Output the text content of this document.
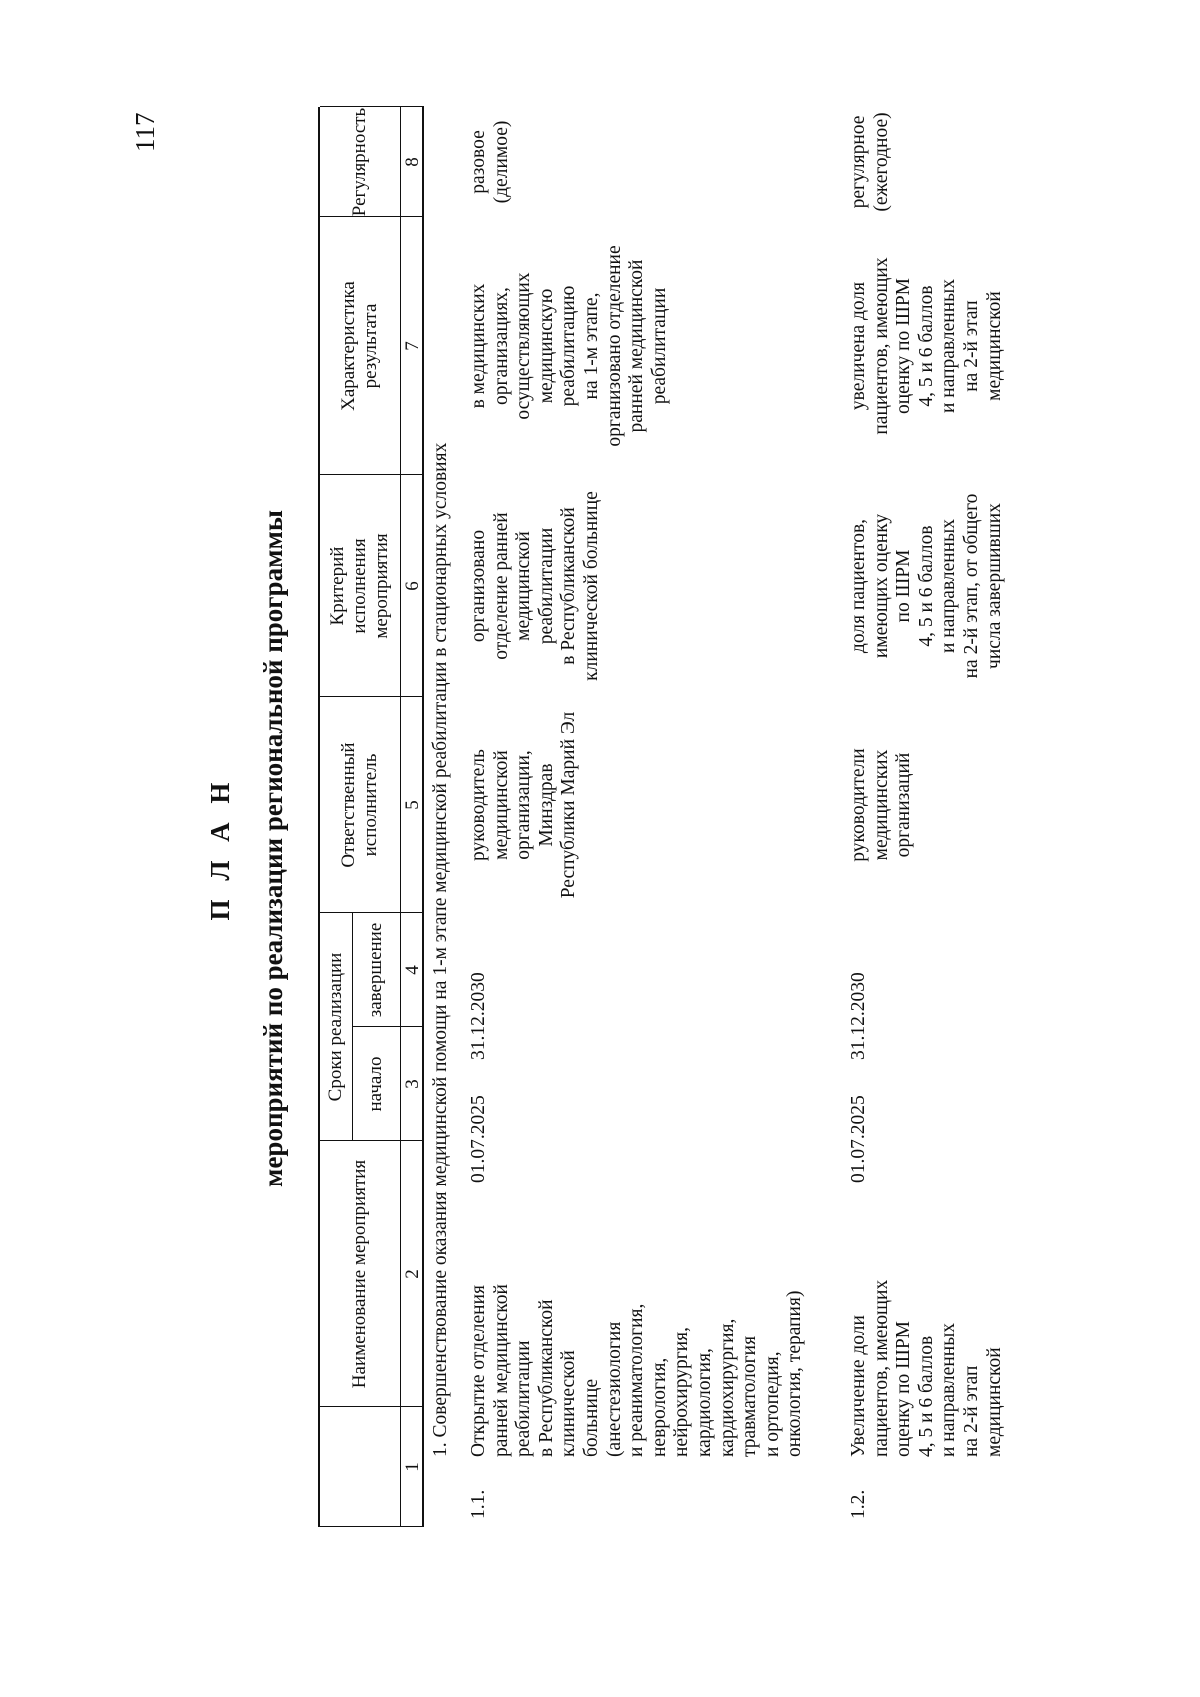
117
П Л А Н мероприятий по реализации региональной программы
Наименование мероприятия
Сроки реализации	начало
завершение
Ответственный исполнитель
Критерий исполнения мероприятия
Характеристика результата
Регулярность
1
2
3
4
5
6
7
8
1. Совершенствование оказания медицинской помощи на 1-м этапе медицинской реабилитации в стационарных условиях
1.1.
Открытие отделения ранней медицинской реабилитации в Республиканской клинической больнице (анестезиология и реаниматология, неврология, нейрохирургия, кардиология, кардиохирургия, травматология и ортопедия, онкология, терапия)
01.07.2025
31.12.2030
руководитель медицинской организации, Минздрав Республики Марий Эл
организовано отделение ранней медицинской реабилитации в Республиканской клинической больнице
в медицинских организациях, осуществляющих медицинскую реабилитацию на 1-м этапе, организовано отделение ранней медицинской реабилитации
разовое (делимое)
1.2.
Увеличение доли пациентов, имеющих оценку по ШРМ 4, 5 и 6 баллов и направленных на 2-й этап медицинской
01.07.2025
31.12.2030
руководители медицинских организаций
доля пациентов, имеющих оценку по ШРМ 4, 5 и 6 баллов и направленных на 2-й этап, от общего числа завершивших
увеличена доля пациентов, имеющих оценку по ШРМ 4, 5 и 6 баллов и направленных на 2-й этап медицинской
регулярное (ежегодное)
